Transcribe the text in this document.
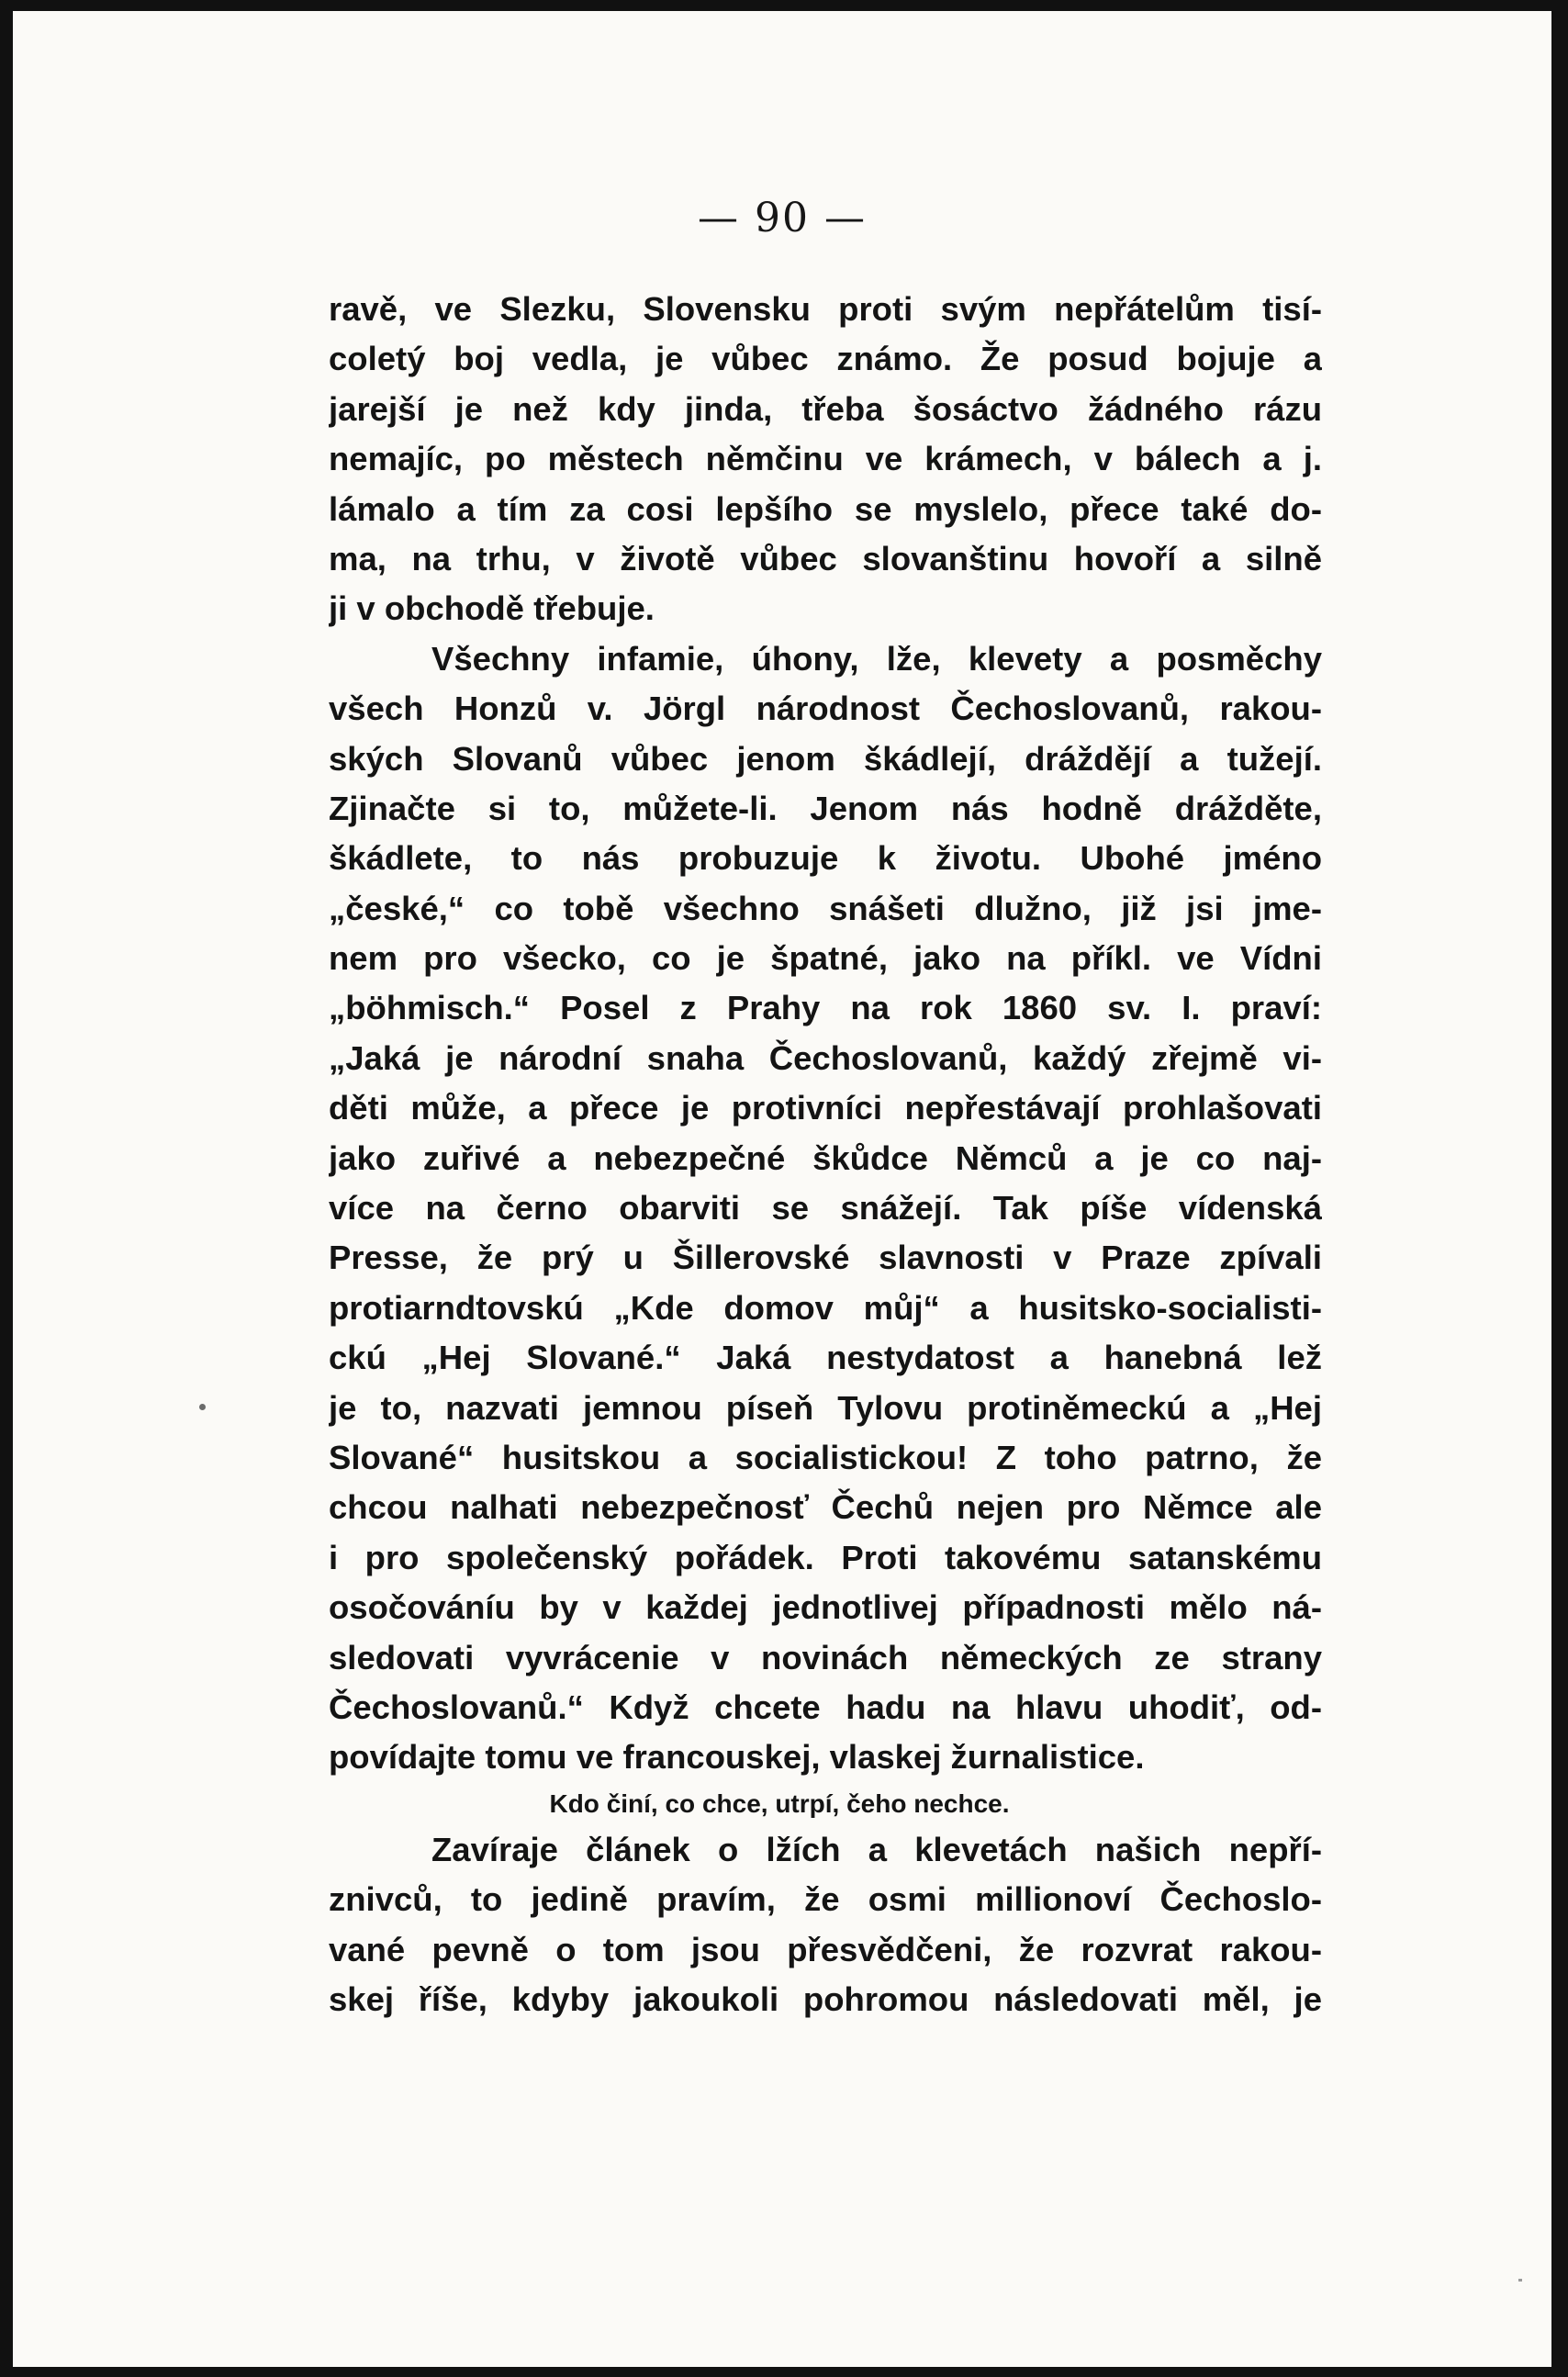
— 90 —
ravě, ve Slezku, Slovensku proti svým nepřátelům tisí-
coletý boj vedla, je vůbec známo. Že posud bojuje a
jarejší je než kdy jinda, třeba šosáctvo žádného rázu
nemajíc, po městech němčinu ve krámech, v bálech a j.
lámalo a tím za cosi lepšího se myslelo, přece také do-
ma, na trhu, v životě vůbec slovanštinu hovoří a silně
ji v obchodě třebuje.
Všechny infamie, úhony, lže, klevety a posměchy
všech Honzů v. Jörgl národnost Čechoslovanů, rakou-
ských Slovanů vůbec jenom škádlejí, dráždějí a tužejí.
Zjinačte si to, můžete-li. Jenom nás hodně drážděte,
škádlete, to nás probuzuje k životu. Ubohé jméno
„české,“ co tobě všechno snášeti dlužno, již jsi jme-
nem pro všecko, co je špatné, jako na příkl. ve Vídni
„böhmisch.“ Posel z Prahy na rok 1860 sv. I. praví:
„Jaká je národní snaha Čechoslovanů, každý zřejmě vi-
děti může, a přece je protivníci nepřestávají prohlašovati
jako zuřivé a nebezpečné škůdce Němců a je co naj-
více na černo obarviti se snážejí. Tak píše vídenská
Presse, že prý u Šillerovské slavnosti v Praze zpívali
protiarndtovskú „Kde domov můj“ a husitsko-socialisti-
ckú „Hej Slované.“ Jaká nestydatost a hanebná lež
je to, nazvati jemnou píseň Tylovu protiněmeckú a „Hej
Slované“ husitskou a socialistickou! Z toho patrno, že
chcou nalhati nebezpečnosť Čechů nejen pro Němce ale
i pro společenský pořádek. Proti takovému satanskému
osočováníu by v každej jednotlivej případnosti mělo ná-
sledovati vyvrácenie v novinách německých ze strany
Čechoslovanů.“ Když chcete hadu na hlavu uhodiť, od-
povídajte tomu ve francouskej, vlaskej žurnalistice.
Kdo činí, co chce, utrpí, čeho nechce.
Zavíraje článek o lžích a klevetách našich nepří-
znivců, to jedině pravím, že osmi millionoví Čechoslo-
vané pevně o tom jsou přesvědčeni, že rozvrat rakou-
skej říše, kdyby jakoukoli pohromou následovati měl, je
